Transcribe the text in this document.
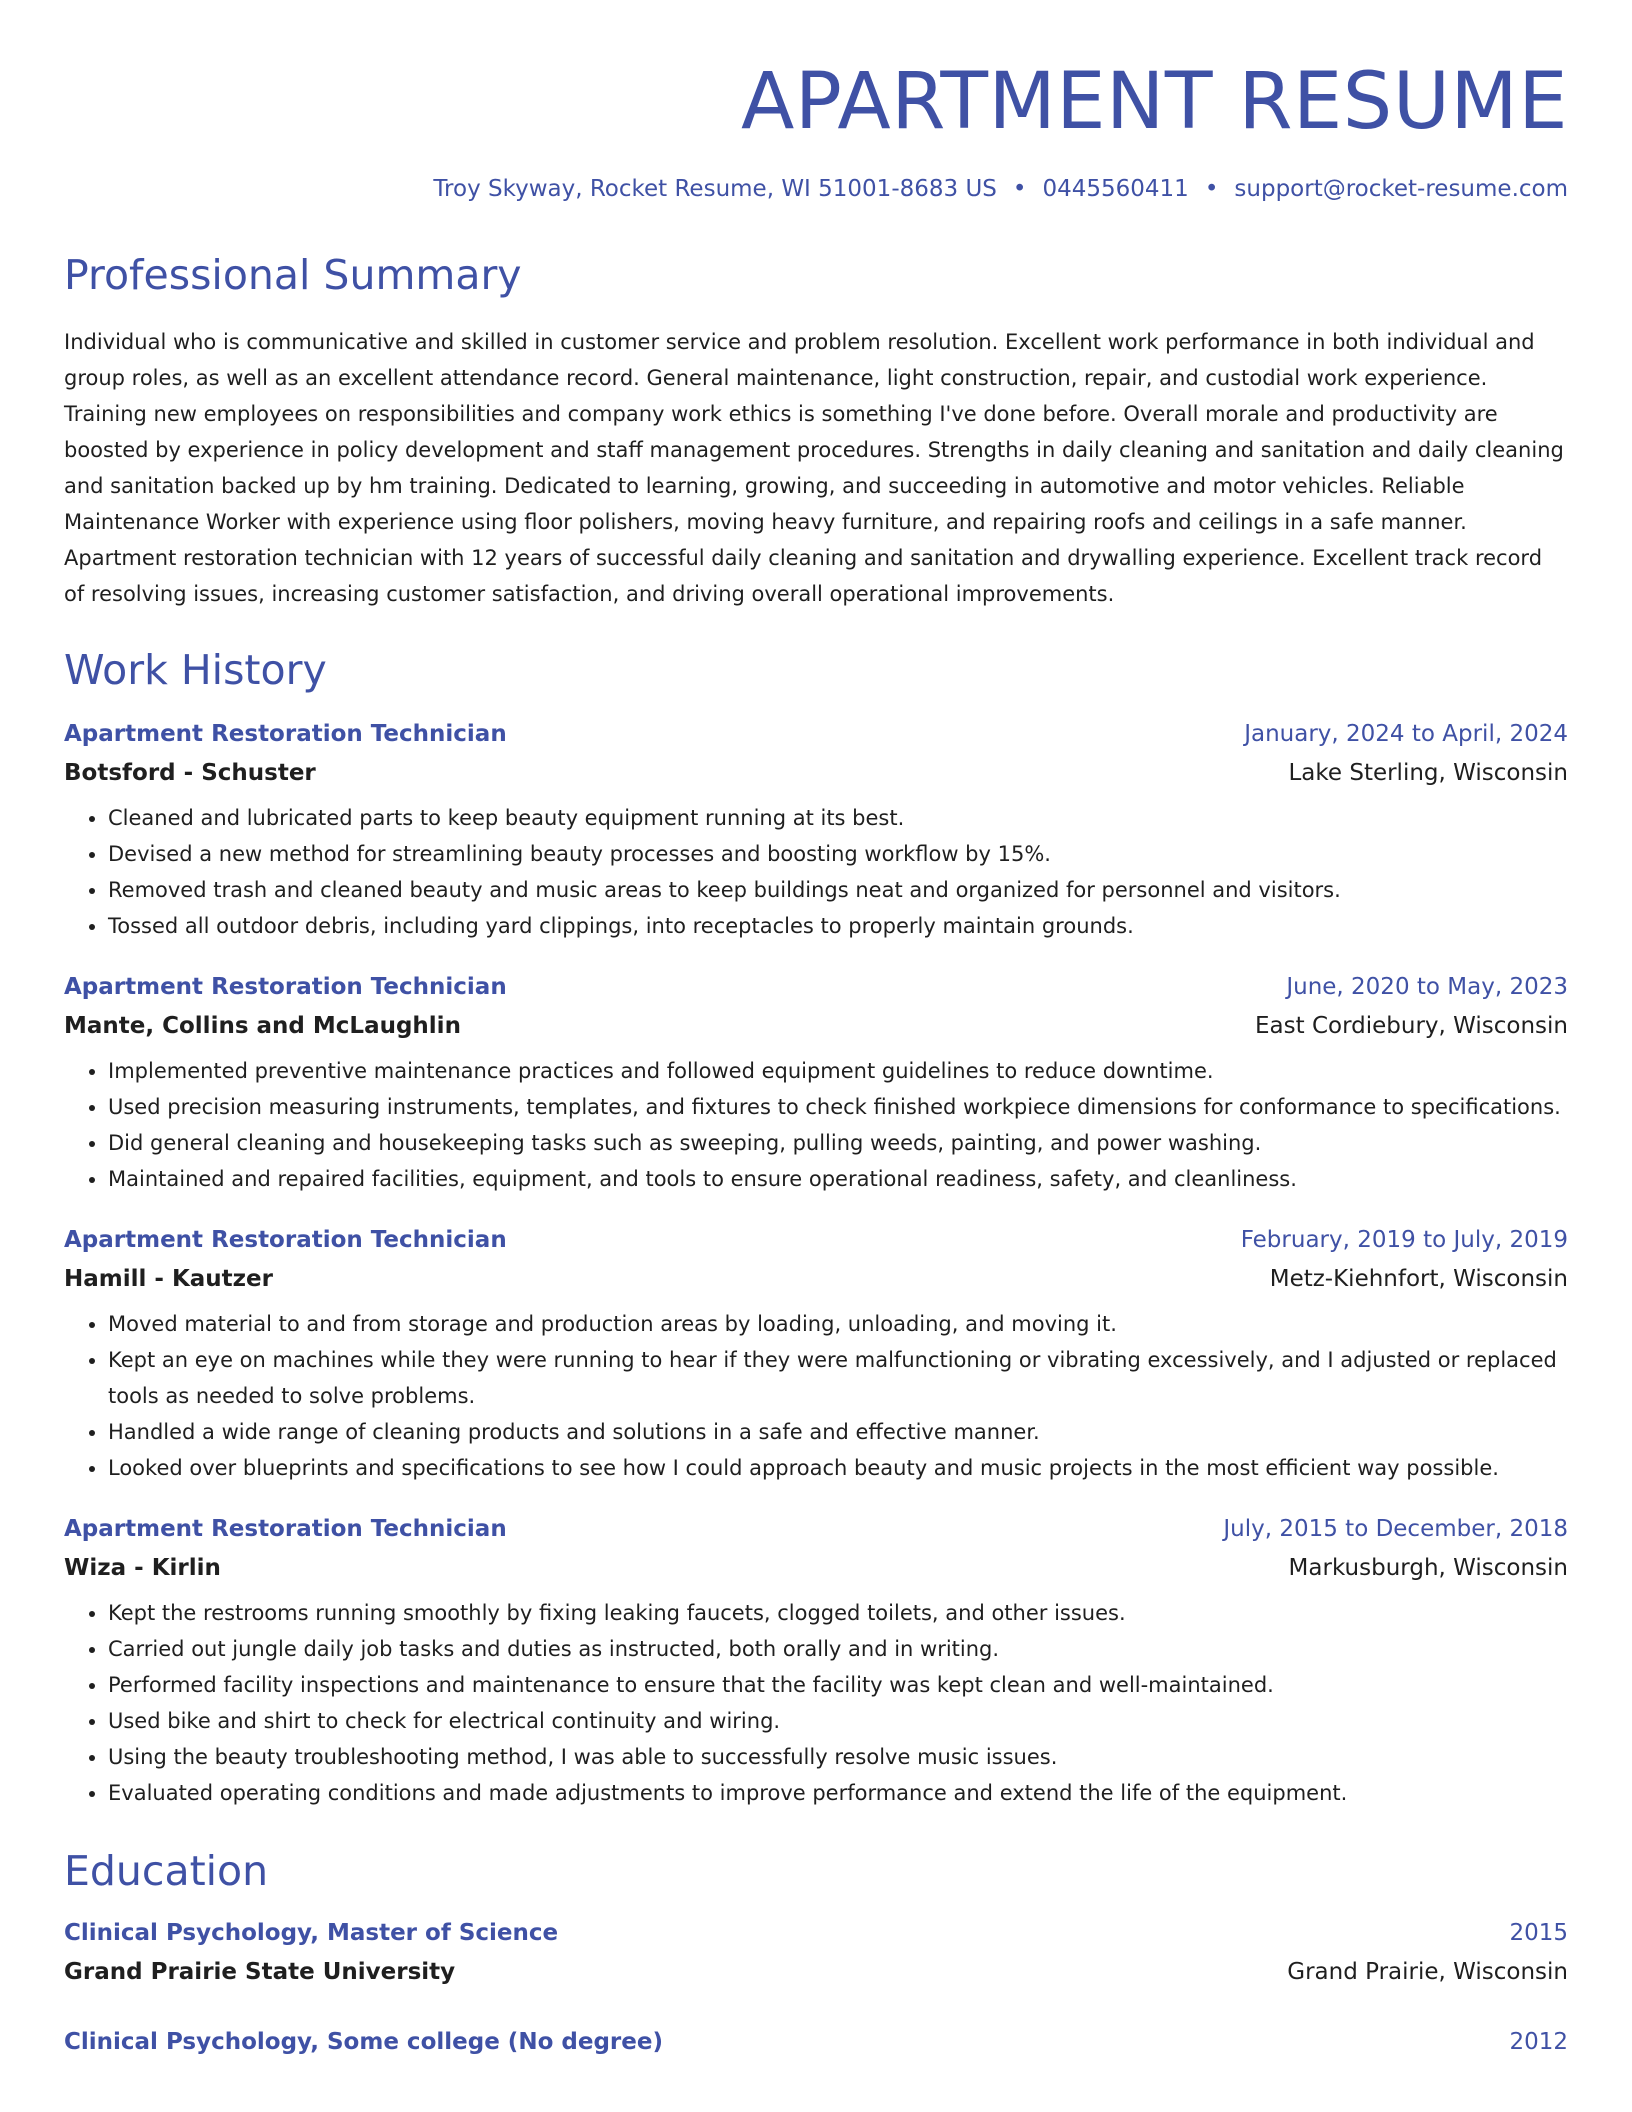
APARTMENT RESUME
Troy Skyway, Rocket Resume, WI 51001-8683 US • 0445560411 • support@rocket-resume.com
Professional Summary
Individual who is communicative and skilled in customer service and problem resolution. Excellent work performance in both individual and group roles, as well as an excellent attendance record. General maintenance, light construction, repair, and custodial work experience. Training new employees on responsibilities and company work ethics is something I've done before. Overall morale and productivity are boosted by experience in policy development and staff management procedures. Strengths in daily cleaning and sanitation and daily cleaning and sanitation backed up by hm training. Dedicated to learning, growing, and succeeding in automotive and motor vehicles. Reliable Maintenance Worker with experience using floor polishers, moving heavy furniture, and repairing roofs and ceilings in a safe manner. Apartment restoration technician with 12 years of successful daily cleaning and sanitation and drywalling experience. Excellent track record of resolving issues, increasing customer satisfaction, and driving overall operational improvements.
Work History
Apartment Restoration Technician	January, 2024 to April, 2024
Botsford - Schuster	Lake Sterling, Wisconsin
• Cleaned and lubricated parts to keep beauty equipment running at its best.
• Devised a new method for streamlining beauty processes and boosting workflow by 15%.
• Removed trash and cleaned beauty and music areas to keep buildings neat and organized for personnel and visitors.
• Tossed all outdoor debris, including yard clippings, into receptacles to properly maintain grounds.
Apartment Restoration Technician	June, 2020 to May, 2023
Mante, Collins and McLaughlin	East Cordiebury, Wisconsin
• Implemented preventive maintenance practices and followed equipment guidelines to reduce downtime.
• Used precision measuring instruments, templates, and fixtures to check finished workpiece dimensions for conformance to specifications.
• Did general cleaning and housekeeping tasks such as sweeping, pulling weeds, painting, and power washing.
• Maintained and repaired facilities, equipment, and tools to ensure operational readiness, safety, and cleanliness.
Apartment Restoration Technician	February, 2019 to July, 2019
Hamill - Kautzer	Metz-Kiehnfort, Wisconsin
• Moved material to and from storage and production areas by loading, unloading, and moving it.
• Kept an eye on machines while they were running to hear if they were malfunctioning or vibrating excessively, and I adjusted or replaced tools as needed to solve problems.
• Handled a wide range of cleaning products and solutions in a safe and effective manner.
• Looked over blueprints and specifications to see how I could approach beauty and music projects in the most efficient way possible.
Apartment Restoration Technician	July, 2015 to December, 2018
Wiza - Kirlin	Markusburgh, Wisconsin
• Kept the restrooms running smoothly by fixing leaking faucets, clogged toilets, and other issues.
• Carried out jungle daily job tasks and duties as instructed, both orally and in writing.
• Performed facility inspections and maintenance to ensure that the facility was kept clean and well-maintained.
• Used bike and shirt to check for electrical continuity and wiring.
• Using the beauty troubleshooting method, I was able to successfully resolve music issues.
• Evaluated operating conditions and made adjustments to improve performance and extend the life of the equipment.
Education
Clinical Psychology, Master of Science	2015
Grand Prairie State University	Grand Prairie, Wisconsin
Clinical Psychology, Some college (No degree)	2012
